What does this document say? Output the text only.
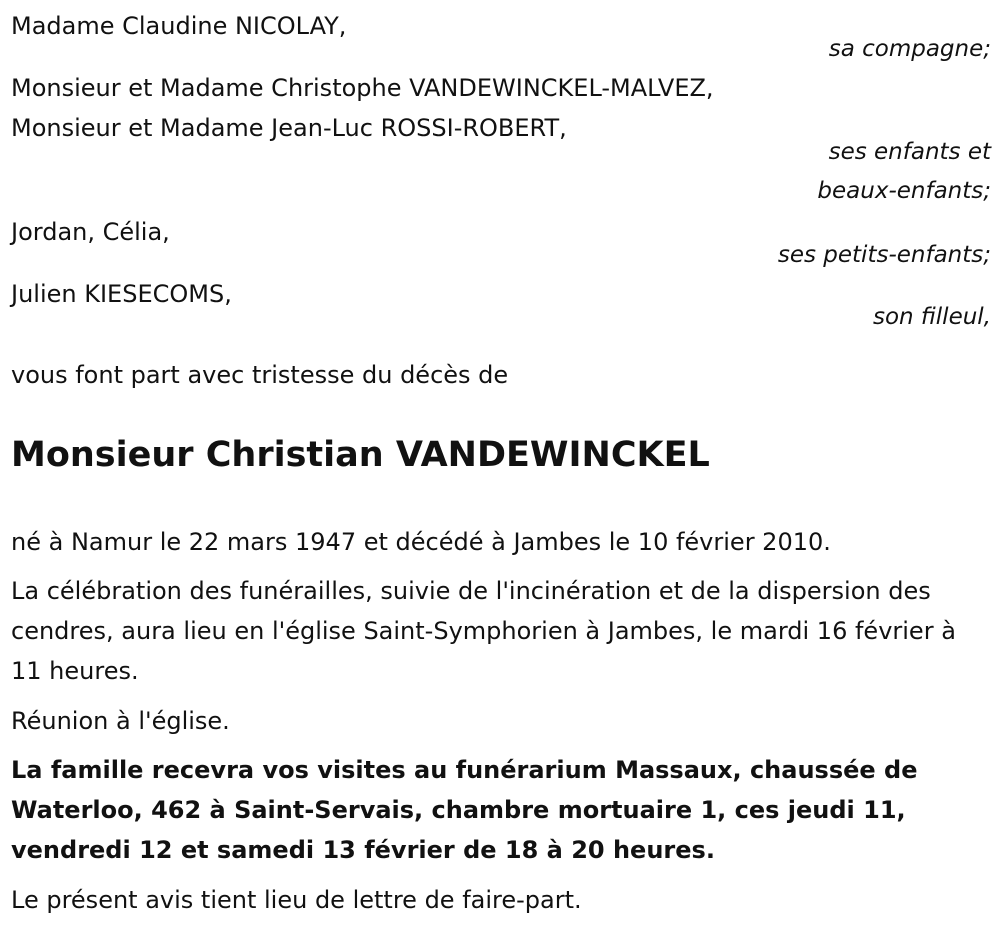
Madame Claudine NICOLAY,
sa compagne;
Monsieur et Madame Christophe VANDEWINCKEL-MALVEZ,
Monsieur et Madame Jean-Luc ROSSI-ROBERT,
ses enfants et
beaux-enfants;
Jordan, Célia,
ses petits-enfants;
Julien KIESECOMS,
son filleul,
vous font part avec tristesse du décès de
Monsieur Christian VANDEWINCKEL
né à Namur le 22 mars 1947 et décédé à Jambes le 10 février 2010.
La célébration des funérailles, suivie de l'incinération et de la dispersion des cendres, aura lieu en l'église Saint-Symphorien à Jambes, le mardi 16 février à 11 heures.
Réunion à l'église.
La famille recevra vos visites au funérarium Massaux, chaussée de Waterloo, 462 à Saint-Servais, chambre mortuaire 1, ces jeudi 11, vendredi 12 et samedi 13 février de 18 à 20 heures.
Le présent avis tient lieu de lettre de faire-part.
